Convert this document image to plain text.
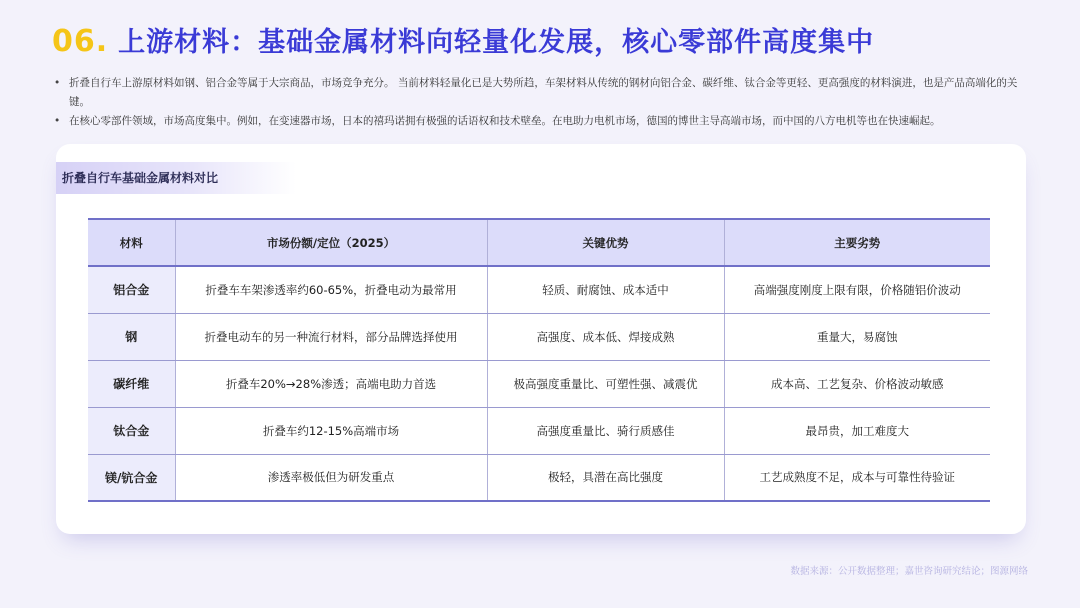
06. 上游材料：基础金属材料向轻量化发展，核心零部件高度集中
• 折叠自行车上游原材料如钢、铝合金等属于大宗商品，市场竞争充分。 当前材料轻量化已是大势所趋，车架材料从传统的钢材向铝合金、碳纤维、钛合金等更轻、更高强度的材料演进，也是产品高端化的关键。
• 在核心零部件领域，市场高度集中。例如，在变速器市场，日本的禧玛诺拥有极强的话语权和技术壁垒。在电助力电机市场，德国的博世主导高端市场，而中国的八方电机等也在快速崛起。
折叠自行车基础金属材料对比
材料	市场份额/定位（2025）	关键优势	主要劣势
铝合金	折叠车车架渗透率约60-65%，折叠电动为最常用	轻质、耐腐蚀、成本适中	高端强度刚度上限有限，价格随铝价波动
钢	折叠电动车的另一种流行材料，部分品牌选择使用	高强度、成本低、焊接成熟	重量大，易腐蚀
碳纤维	折叠车20%→28%渗透；高端电助力首选	极高强度重量比、可塑性强、减震优	成本高、工艺复杂、价格波动敏感
钛合金	折叠车约12-15%高端市场	高强度重量比、骑行质感佳	最昂贵，加工难度大
镁/钪合金	渗透率极低但为研发重点	极轻，具潜在高比强度	工艺成熟度不足，成本与可靠性待验证
数据来源：公开数据整理；嘉世咨询研究结论；图源网络
